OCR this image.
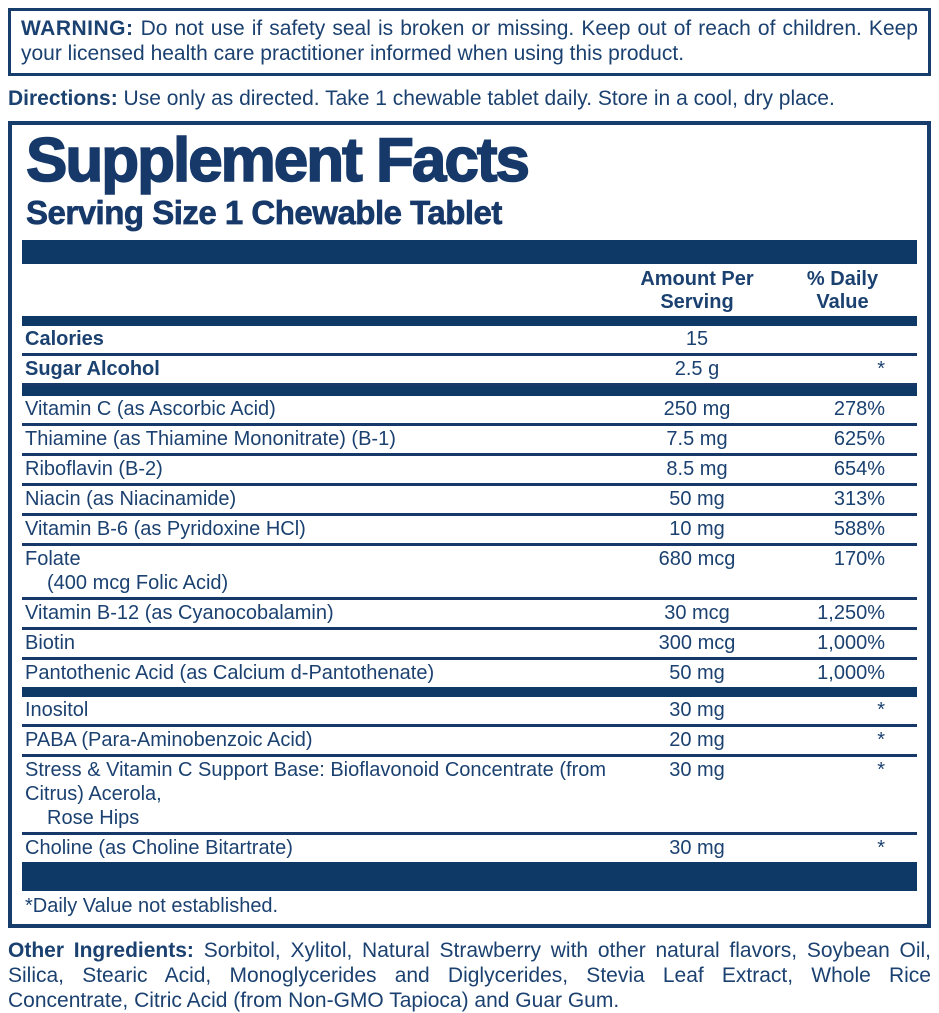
WARNING: Do not use if safety seal is broken or missing. Keep out of reach of children. Keep your licensed health care practitioner informed when using this product.
Directions: Use only as directed. Take 1 chewable tablet daily. Store in a cool, dry place.
Supplement Facts
Serving Size 1 Chewable Tablet
Amount Per
Serving
% Daily
Value
Calories	15
Sugar Alcohol	2.5 g	*
Vitamin C (as Ascorbic Acid)	250 mg	278%
Thiamine (as Thiamine Mononitrate) (B-1)	7.5 mg	625%
Riboflavin (B-2)	8.5 mg	654%
Niacin (as Niacinamide)	50 mg	313%
Vitamin B-6 (as Pyridoxine HCl)	10 mg	588%
Folate
(400 mcg Folic Acid)
680 mcg	170%
Vitamin B-12 (as Cyanocobalamin)	30 mcg	1,250%
Biotin	300 mcg	1,000%
Pantothenic Acid (as Calcium d-Pantothenate)	50 mg	1,000%
Inositol	30 mg	*
PABA (Para-Aminobenzoic Acid)	20 mg	*
Stress & Vitamin C Support Base: Bioflavonoid Concentrate (from Citrus) Acerola,
Rose Hips
30 mg	*
Choline (as Choline Bitartrate)	30 mg	*
*Daily Value not established.
Other Ingredients: Sorbitol, Xylitol, Natural Strawberry with other natural flavors, Soybean Oil, Silica, Stearic Acid, Monoglycerides and Diglycerides, Stevia Leaf Extract, Whole Rice Concentrate, Citric Acid (from Non-GMO Tapioca) and Guar Gum.
